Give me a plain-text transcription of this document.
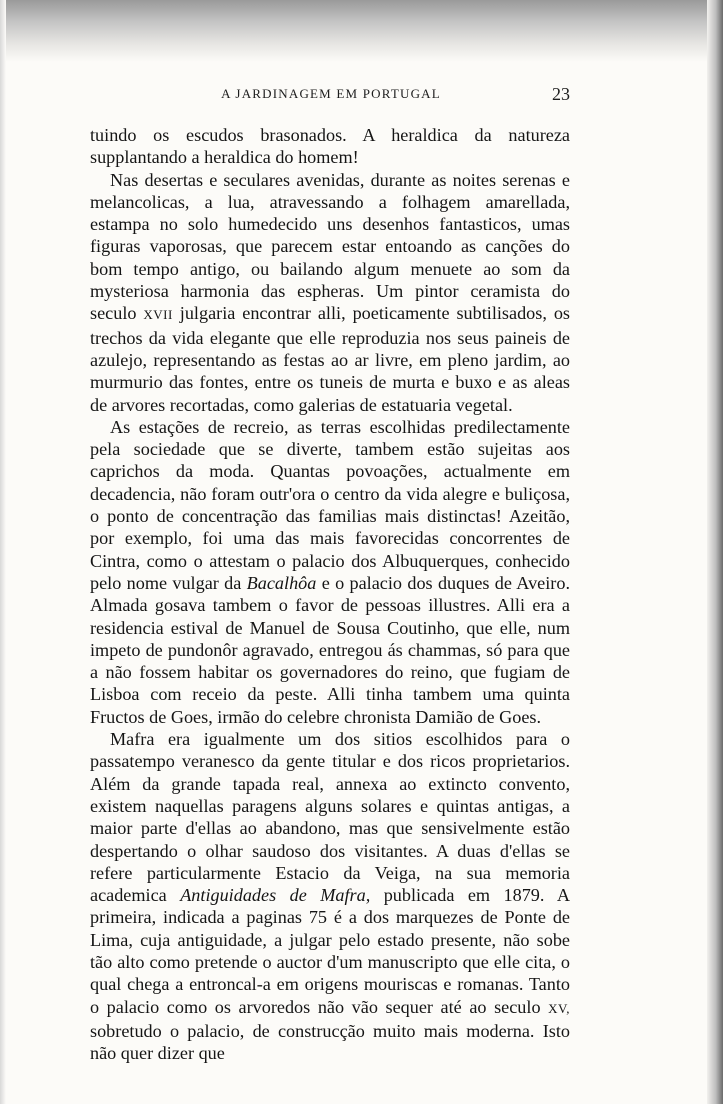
A JARDINAGEM EM PORTUGAL	23

tuindo os escudos brasonados. A heraldica da natureza supplantando a heraldica do homem!

Nas desertas e seculares avenidas, durante as noites serenas e melancolicas, a lua, atravessando a folhagem amarellada, estampa no solo humedecido uns desenhos fantasticos, umas figuras vaporosas, que parecem estar entoando as canções do bom tempo antigo, ou bailando algum menuete ao som da mysteriosa harmonia das espheras. Um pintor ceramista do seculo XVII julgaria encontrar alli, poeticamente subtilisados, os trechos da vida elegante que elle reproduzia nos seus paineis de azulejo, representando as festas ao ar livre, em pleno jardim, ao murmurio das fontes, entre os tuneis de murta e buxo e as aleas de arvores recortadas, como galerias de estatuaria vegetal.

As estações de recreio, as terras escolhidas predilectamente pela sociedade que se diverte, tambem estão sujeitas aos caprichos da moda. Quantas povoações, actualmente em decadencia, não foram outr'ora o centro da vida alegre e buliçosa, o ponto de concentração das familias mais distinctas! Azeitão, por exemplo, foi uma das mais favorecidas concorrentes de Cintra, como o attestam o palacio dos Albuquerques, conhecido pelo nome vulgar da Bacalhôa e o palacio dos duques de Aveiro. Almada gosava tambem o favor de pessoas illustres. Alli era a residencia estival de Manuel de Sousa Coutinho, que elle, num impeto de pundonôr agravado, entregou ás chammas, só para que a não fossem habitar os governadores do reino, que fugiam de Lisboa com receio da peste. Alli tinha tambem uma quinta Fructos de Goes, irmão do celebre chronista Damião de Goes.

Mafra era igualmente um dos sitios escolhidos para o passatempo veranesco da gente titular e dos ricos proprietarios. Além da grande tapada real, annexa ao extincto convento, existem naquellas paragens alguns solares e quintas antigas, a maior parte d'ellas ao abandono, mas que sensivelmente estão despertando o olhar saudoso dos visitantes. A duas d'ellas se refere particularmente Estacio da Veiga, na sua memoria academica Antiguidades de Mafra, publicada em 1879. A primeira, indicada a paginas 75 é a dos marquezes de Ponte de Lima, cuja antiguidade, a julgar pelo estado presente, não sobe tão alto como pretende o auctor d'um manuscripto que elle cita, o qual chega a entroncal-a em origens mouriscas e romanas. Tanto o palacio como os arvoredos não vão sequer até ao seculo XV, sobretudo o palacio, de construcção muito mais moderna. Isto não quer dizer que
